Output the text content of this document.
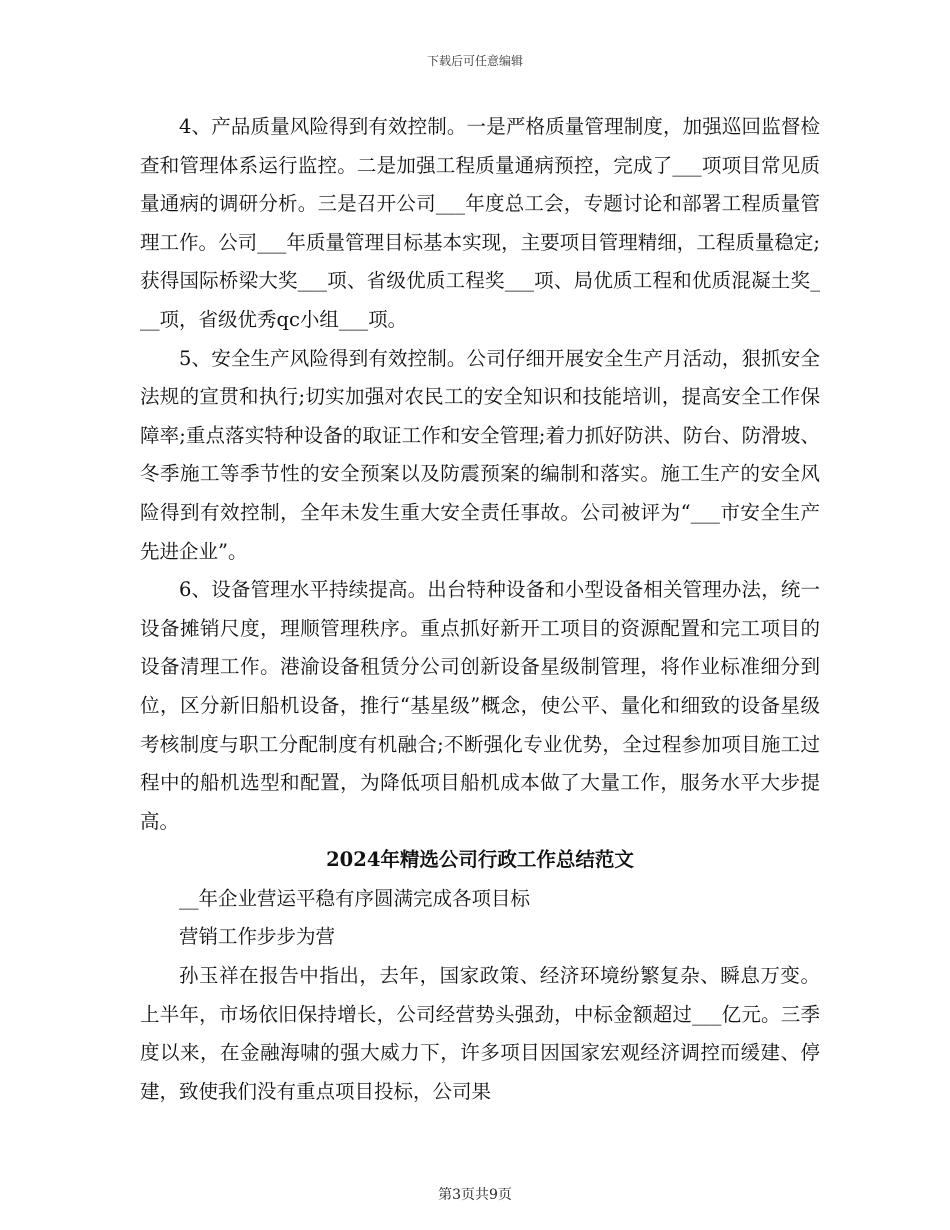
下载后可任意编辑

4、产品质量风险得到有效控制。一是严格质量管理制度，加强巡回监督检查和管理体系运行监控。二是加强工程质量通病预控，完成了___项项目常见质量通病的调研分析。三是召开公司___年度总工会，专题讨论和部署工程质量管理工作。公司___年质量管理目标基本实现，主要项目管理精细，工程质量稳定;获得国际桥梁大奖___项、省级优质工程奖___项、局优质工程和优质混凝土奖___项，省级优秀qc小组___项。

5、安全生产风险得到有效控制。公司仔细开展安全生产月活动，狠抓安全法规的宣贯和执行;切实加强对农民工的安全知识和技能培训，提高安全工作保障率;重点落实特种设备的取证工作和安全管理;着力抓好防洪、防台、防滑坡、冬季施工等季节性的安全预案以及防震预案的编制和落实。施工生产的安全风险得到有效控制，全年未发生重大安全责任事故。公司被评为“___市安全生产先进企业”。

6、设备管理水平持续提高。出台特种设备和小型设备相关管理办法，统一设备摊销尺度，理顺管理秩序。重点抓好新开工项目的资源配置和完工项目的设备清理工作。港渝设备租赁分公司创新设备星级制管理，将作业标准细分到位，区分新旧船机设备，推行“基星级”概念，使公平、量化和细致的设备星级考核制度与职工分配制度有机融合;不断强化专业优势，全过程参加项目施工过程中的船机选型和配置，为降低项目船机成本做了大量工作，服务水平大步提高。

2024年精选公司行政工作总结范文

__年企业营运平稳有序圆满完成各项目标

营销工作步步为营

孙玉祥在报告中指出，去年，国家政策、经济环境纷繁复杂、瞬息万变。上半年，市场依旧保持增长，公司经营势头强劲，中标金额超过___亿元。三季度以来，在金融海啸的强大威力下，许多项目因国家宏观经济调控而缓建、停建，致使我们没有重点项目投标，公司果

第3页共9页
